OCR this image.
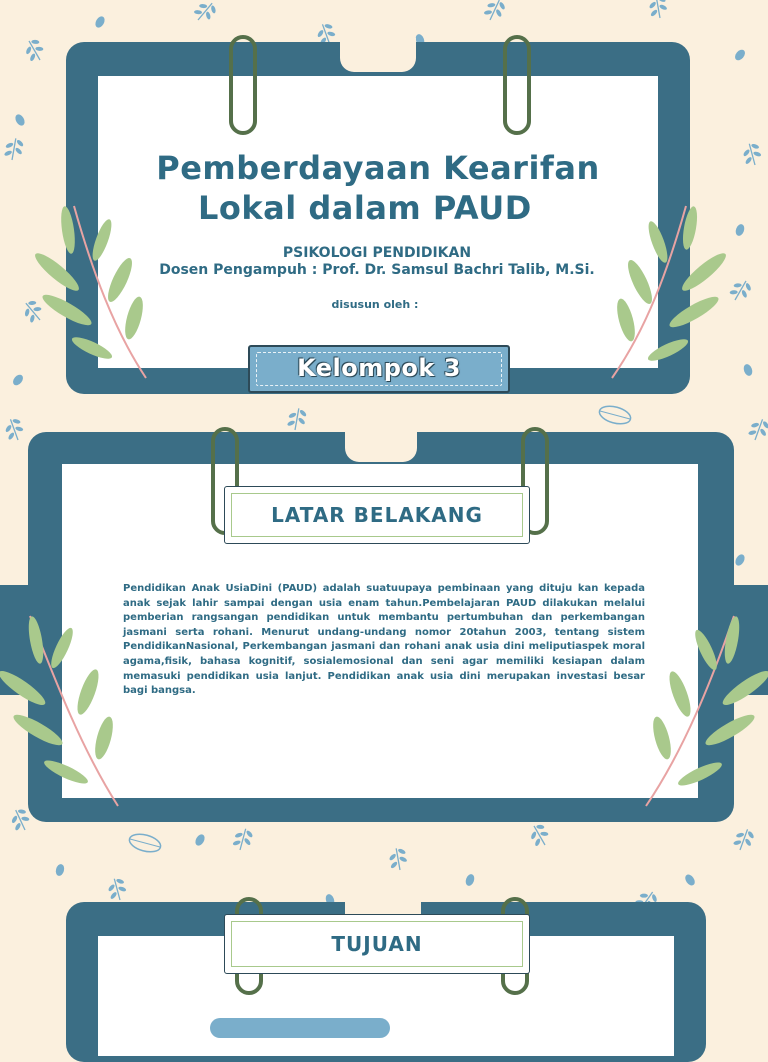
Pemberdayaan Kearifan
Lokal dalam PAUD
PSIKOLOGI PENDIDIKAN
Dosen Pengampuh : Prof. Dr. Samsul Bachri Talib, M.Si.
disusun oleh :
Kelompok 3
LATAR BELAKANG

Pendidikan Anak UsiaDini (PAUD) adalah suatuupaya pembinaan yang dituju kan kepada anak sejak lahir sampai dengan usia enam tahun.Pembelajaran PAUD dilakukan melalui pemberian rangsangan pendidikan untuk membantu pertumbuhan dan perkembangan jasmani serta rohani. Menurut undang-undang nomor 20tahun 2003, tentang sistem PendidikanNasional, Perkembangan jasmani dan rohani anak usia dini meliputiaspek moral agama,fisik, bahasa kognitif, sosialemosional dan seni agar memiliki kesiapan dalam memasuki pendidikan usia lanjut. Pendidikan anak usia dini merupakan investasi besar bagi bangsa.

TUJUAN
